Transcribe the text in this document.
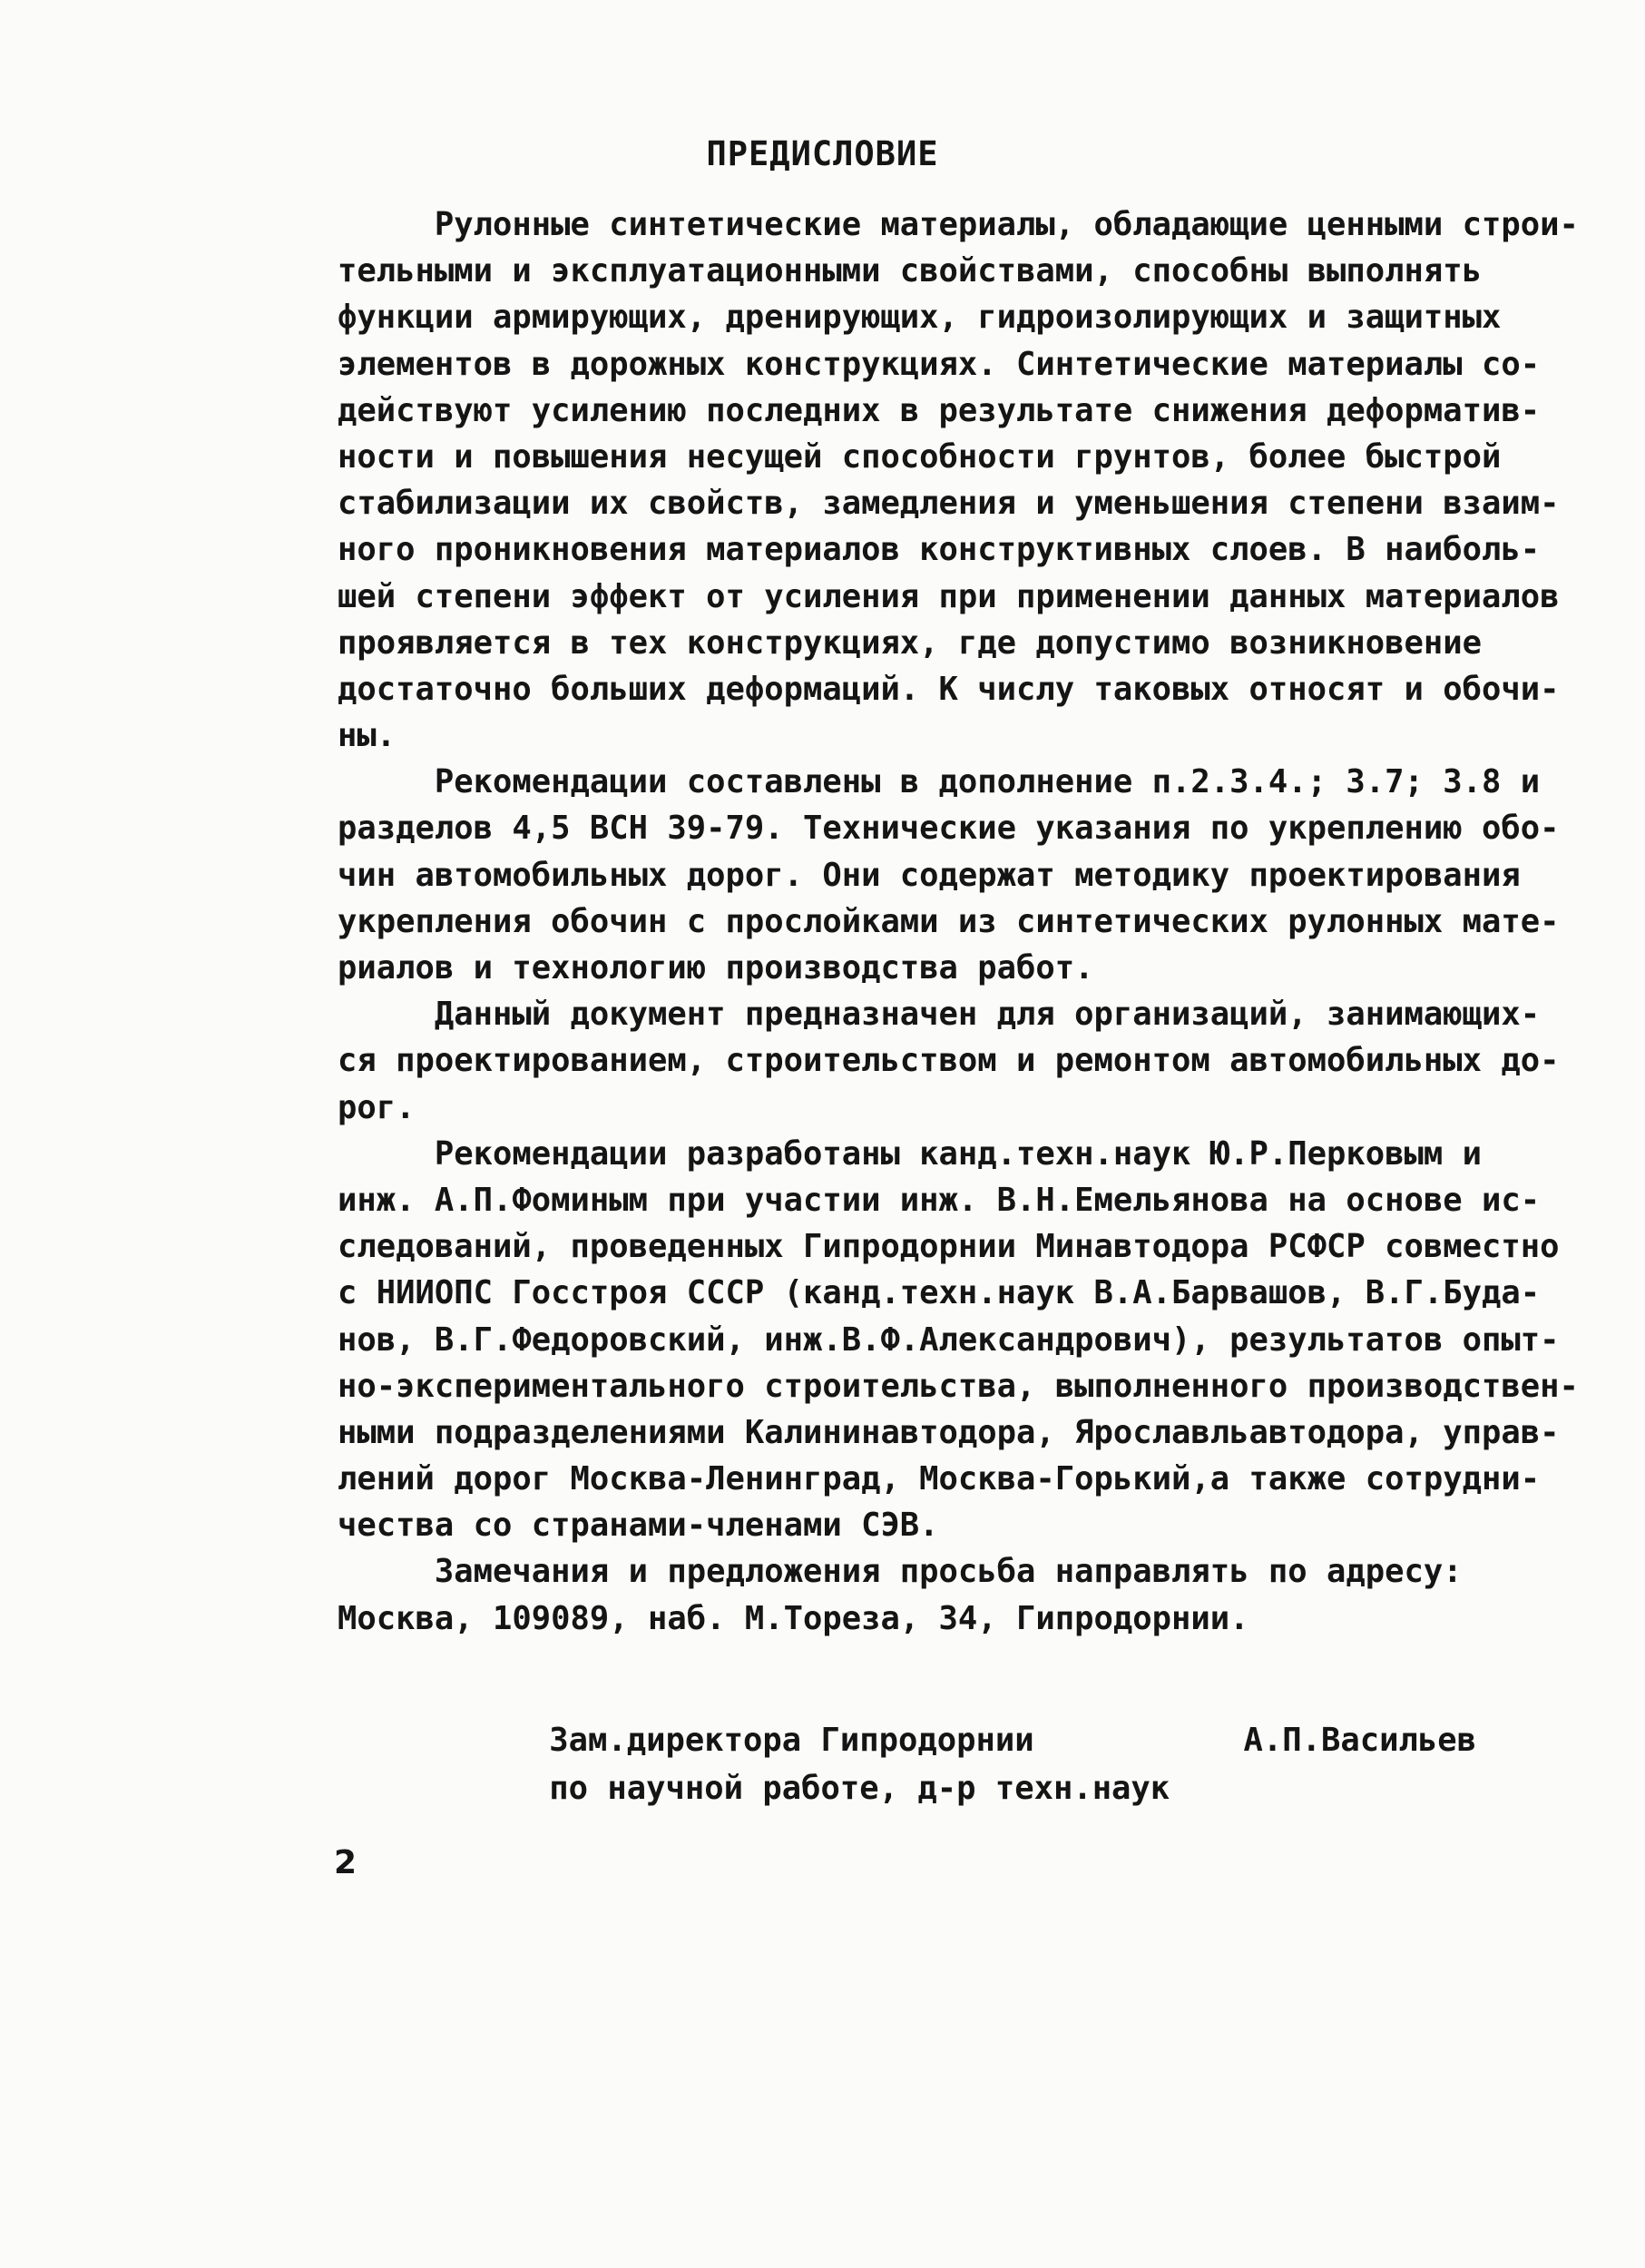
ПРЕДИСЛОВИЕ
Рулонные синтетические материалы, обладающие ценными строи-
тельными и эксплуатационными свойствами, способны выполнять
функции армирующих, дренирующих, гидроизолирующих и защитных
элементов в дорожных конструкциях. Синтетические материалы со-
действуют усилению последних в результате снижения деформатив-
ности и повышения несущей способности грунтов, более быстрой
стабилизации их свойств, замедления и уменьшения степени взаим-
ного проникновения материалов конструктивных слоев. В наиболь-
шей степени эффект от усиления при применении данных материалов
проявляется в тех конструкциях, где допустимо возникновение
достаточно больших деформаций. К числу таковых относят и обочи-
ны.
Рекомендации составлены в дополнение п.2.3.4.; 3.7; 3.8 и
разделов 4,5 ВСН 39-79. Технические указания по укреплению обо-
чин автомобильных дорог. Они содержат методику проектирования
укрепления обочин с прослойками из синтетических рулонных мате-
риалов и технологию производства работ.
Данный документ предназначен для организаций, занимающих-
ся проектированием, строительством и ремонтом автомобильных до-
рог.
Рекомендации разработаны канд.техн.наук Ю.Р.Перковым и
инж. А.П.Фоминым при участии инж. В.Н.Емельянова на основе ис-
следований, проведенных Гипродорнии Минавтодора РСФСР совместно
с НИИОПС Госстроя СССР (канд.техн.наук В.А.Барвашов, В.Г.Буда-
нов, В.Г.Федоровский, инж.В.Ф.Александрович), результатов опыт-
но-экспериментального строительства, выполненного производствен-
ными подразделениями Калининавтодора, Ярославльавтодора, управ-
лений дорог Москва-Ленинград, Москва-Горький,а также сотрудни-
чества со странами-членами СЭВ.
Замечания и предложения просьба направлять по адресу:
Москва, 109089, наб. М.Тореза, 34, Гипродорнии.

Зам.директора Гипродорнии

по научной работе, д-р техн.наук

А.П.Васильев

2
